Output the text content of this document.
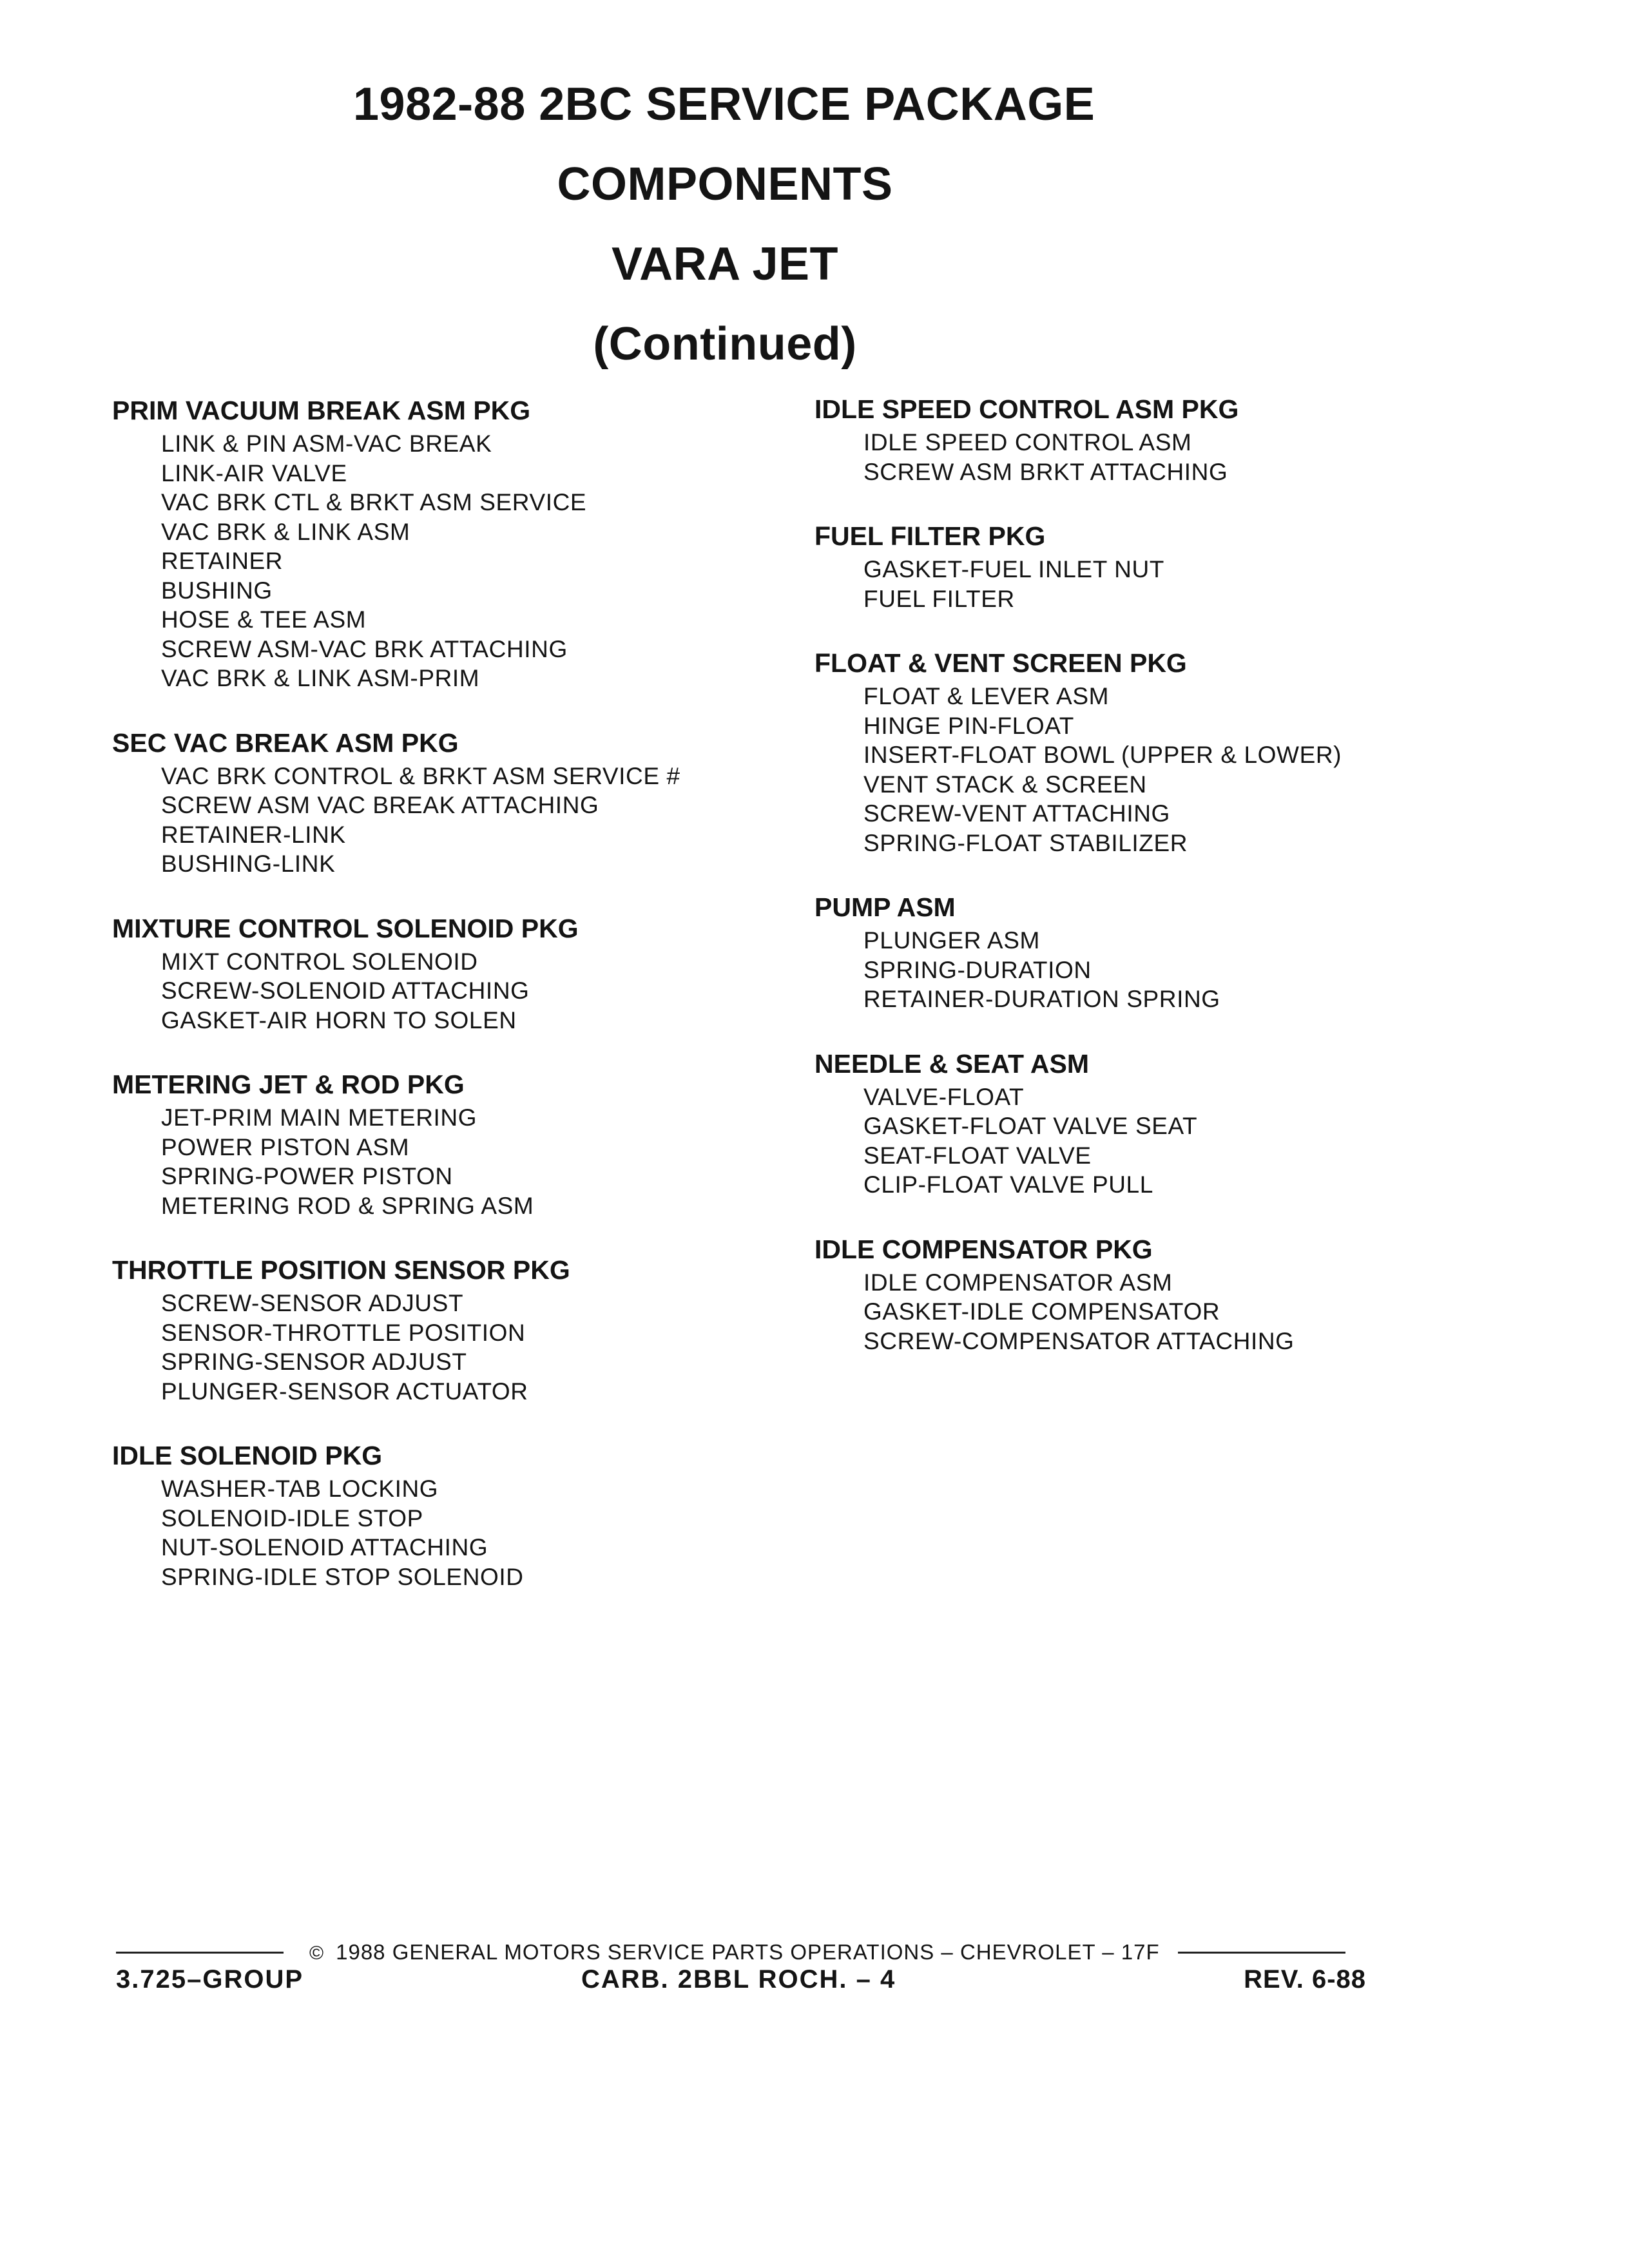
1982-88 2BC SERVICE PACKAGE
COMPONENTS
VARA JET
(Continued)
PRIM VACUUM BREAK ASM PKG
LINK & PIN ASM-VAC BREAK
LINK-AIR VALVE
VAC BRK CTL & BRKT ASM SERVICE
VAC BRK & LINK ASM
RETAINER
BUSHING
HOSE & TEE ASM
SCREW ASM-VAC BRK ATTACHING
VAC BRK & LINK ASM-PRIM
SEC VAC BREAK ASM PKG
VAC BRK CONTROL & BRKT ASM SERVICE #
SCREW ASM VAC BREAK ATTACHING
RETAINER-LINK
BUSHING-LINK
MIXTURE CONTROL SOLENOID PKG
MIXT CONTROL SOLENOID
SCREW-SOLENOID ATTACHING
GASKET-AIR HORN TO SOLEN
METERING JET & ROD PKG
JET-PRIM MAIN METERING
POWER PISTON ASM
SPRING-POWER PISTON
METERING ROD & SPRING ASM
THROTTLE POSITION SENSOR PKG
SCREW-SENSOR ADJUST
SENSOR-THROTTLE POSITION
SPRING-SENSOR ADJUST
PLUNGER-SENSOR ACTUATOR
IDLE SOLENOID PKG
WASHER-TAB LOCKING
SOLENOID-IDLE STOP
NUT-SOLENOID ATTACHING
SPRING-IDLE STOP SOLENOID
IDLE SPEED CONTROL ASM PKG
IDLE SPEED CONTROL ASM
SCREW ASM BRKT ATTACHING
FUEL FILTER PKG
GASKET-FUEL INLET NUT
FUEL FILTER
FLOAT & VENT SCREEN PKG
FLOAT & LEVER ASM
HINGE PIN-FLOAT
INSERT-FLOAT BOWL (UPPER & LOWER)
VENT STACK & SCREEN
SCREW-VENT ATTACHING
SPRING-FLOAT STABILIZER
PUMP ASM
PLUNGER ASM
SPRING-DURATION
RETAINER-DURATION SPRING
NEEDLE & SEAT ASM
VALVE-FLOAT
GASKET-FLOAT VALVE SEAT
SEAT-FLOAT VALVE
CLIP-FLOAT VALVE PULL
IDLE COMPENSATOR PKG
IDLE COMPENSATOR ASM
GASKET-IDLE COMPENSATOR
SCREW-COMPENSATOR ATTACHING
© 1988 GENERAL MOTORS SERVICE PARTS OPERATIONS – CHEVROLET – 17F
3.725–GROUP	CARB. 2BBL ROCH. – 4	REV. 6-88
